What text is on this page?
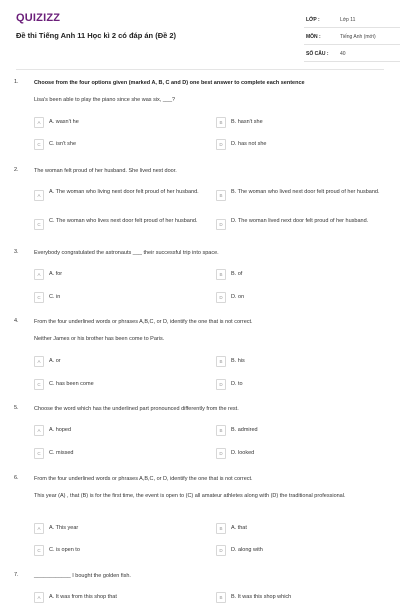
QUIZIZZ
Đề thi Tiếng Anh 11 Học kì 2 có đáp án (Đề 2)
LỚP :	Lớp 11
MÔN :	Tiếng Anh (mới)
SỐ CÂU : 40
1.	Choose from the four options given (marked A, B, C and D) one best answer to complete each sentence
Lisa's been able to play the piano since she was six, ___?
A	A. wasn't he	B	B. hasn't she
C	C. isn't she	D	D. has not she
2.	The woman felt proud of her husband. She lived next door.
A
A. The woman who living next door felt proud of her husband.
B
B. The woman who lived next door felt proud of her husband.
C
C. The woman who lives next door felt proud of her husband.
D
D. The woman lived next door felt proud of her husband.
3.	Everybody congratulated the astronauts ___ their successful trip into space.
A	A. for	B	B. of
C	C. in	D	D. on
4.	From the four underlined words or phrases A,B,C, or D, identify the one that is not correct.
Neither James or his brother has been come to Paris.
A	A. or	B	B. his
C	C. has been come	D	D. to
5.	Choose the word which has the underlined part pronounced differently from the rest.
A	A. hoped	B	B. admired
C	C. missed	D	D. looked
6.	From the four underlined words or phrases A,B,C, or D, identify the one that is not correct.
This year (A) , that (B) is for the first time, the event is open to (C) all amateur athletes along with (D) the traditional professional.
A	A. This year	B	A. that
C	C. is open to	D	D. along with
7.	____________ I bought the golden fish.
A	A. It was from this shop that	B	B. It was this shop which
